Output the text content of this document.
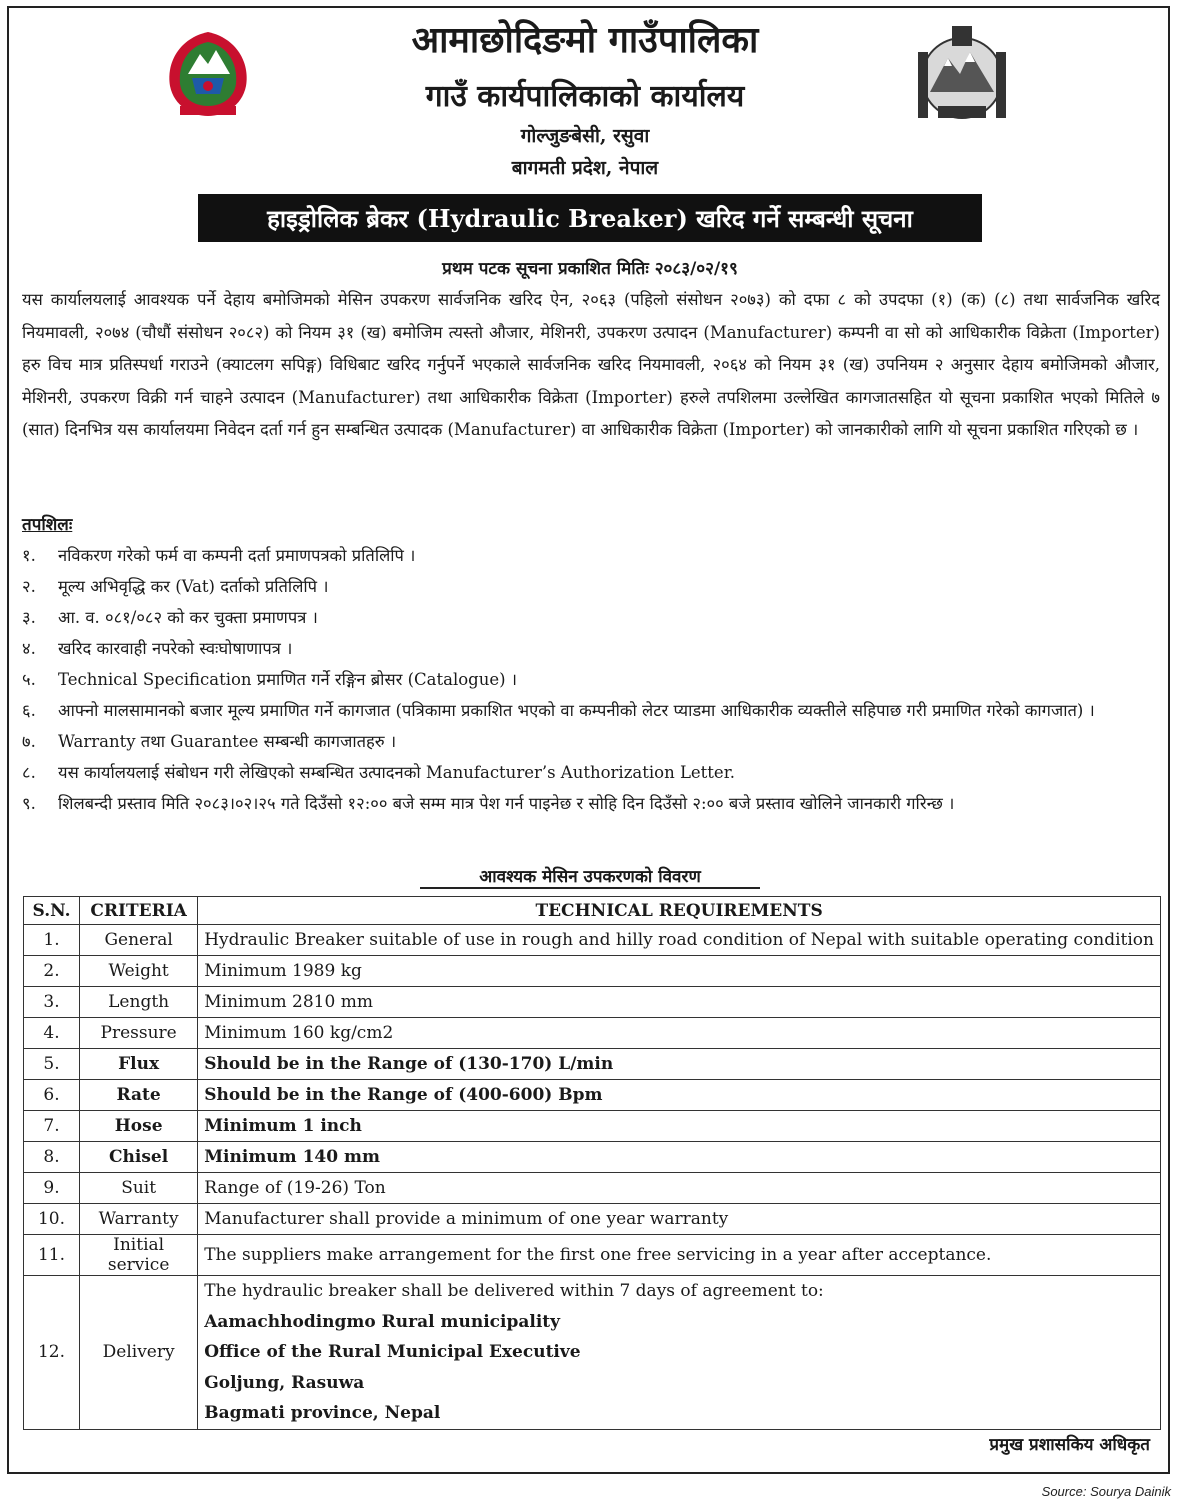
आमाछोदिङमो गाउँपालिका
गाउँ कार्यपालिकाको कार्यालय
गोल्जुङबेसी, रसुवा
बागमती प्रदेश, नेपाल
हाइड्रोलिक ब्रेकर (Hydraulic Breaker) खरिद गर्ने सम्बन्धी सूचना
प्रथम पटक सूचना प्रकाशित मितिः २०८३/०२/१९
यस कार्यालयलाई आवश्यक पर्ने देहाय बमोजिमको मेसिन उपकरण सार्वजनिक खरिद ऐन, २०६३ (पहिलो संसोधन २०७३) को दफा ८ को उपदफा (१) (क) (८) तथा सार्वजनिक खरिद नियमावली, २०७४ (चौधौं संसोधन २०८२) को नियम ३१ (ख) बमोजिम त्यस्तो औजार, मेशिनरी, उपकरण उत्पादन (Manufacturer) कम्पनी वा सो को आधिकारीक विक्रेता (Importer) हरु विच मात्र प्रतिस्पर्धा गराउने (क्याटलग सपिङ्ग) विधिबाट खरिद गर्नुपर्ने भएकाले सार्वजनिक खरिद नियमावली, २०६४ को नियम ३१ (ख) उपनियम २ अनुसार देहाय बमोजिमको औजार, मेशिनरी, उपकरण विक्री गर्न चाहने उत्पादन (Manufacturer) तथा आधिकारीक विक्रेता (Importer) हरुले तपशिलमा उल्लेखित कागजातसहित यो सूचना प्रकाशित भएको मितिले ७ (सात) दिनभित्र यस कार्यालयमा निवेदन दर्ता गर्न हुन सम्बन्धित उत्पादक (Manufacturer) वा आधिकारीक विक्रेता (Importer) को जानकारीको लागि यो सूचना प्रकाशित गरिएको छ ।
तपशिलः
१.	नविकरण गरेको फर्म वा कम्पनी दर्ता प्रमाणपत्रको प्रतिलिपि ।
२.	मूल्य अभिवृद्धि कर (Vat) दर्ताको प्रतिलिपि ।
३.	आ. व. ०८१/०८२ को कर चुक्ता प्रमाणपत्र ।
४.	खरिद कारवाही नपरेको स्वःघोषाणापत्र ।
५.	Technical Specification प्रमाणित गर्ने रङ्गिन ब्रोसर (Catalogue) ।
६.	आफ्नो मालसामानको बजार मूल्य प्रमाणित गर्ने कागजात (पत्रिकामा प्रकाशित भएको वा कम्पनीको लेटर प्याडमा आधिकारीक व्यक्तीले सहिपाछ गरी प्रमाणित गरेको कागजात) ।
७.	Warranty तथा Guarantee सम्बन्धी कागजातहरु ।
८.	यस कार्यालयलाई संबोधन गरी लेखिएको सम्बन्धित उत्पादनको Manufacturer’s Authorization Letter.
९.	शिलबन्दी प्रस्ताव मिति २०८३।०२।२५ गते दिउँसो १२:०० बजे सम्म मात्र पेश गर्न पाइनेछ र सोहि दिन दिउँसो २:०० बजे प्रस्ताव खोलिने जानकारी गरिन्छ ।
आवश्यक मेसिन उपकरणको विवरण
S.N.	CRITERIA	TECHNICAL REQUIREMENTS
1.	General	Hydraulic Breaker suitable of use in rough and hilly road condition of Nepal with suitable operating condition
2.	Weight	Minimum 1989 kg
3.	Length	Minimum 2810 mm
4.	Pressure	Minimum 160 kg/cm2
5.	Flux	Should be in the Range of (130-170) L/min
6.	Rate	Should be in the Range of (400-600) Bpm
7.	Hose	Minimum 1 inch
8.	Chisel	Minimum 140 mm
9.	Suit	Range of (19-26) Ton
10.	Warranty	Manufacturer shall provide a minimum of one year warranty
11.	Initial service	The suppliers make arrangement for the first one free servicing in a year after acceptance.
12.	Delivery	The hydraulic breaker shall be delivered within 7 days of agreement to:
Aamachhodingmo Rural municipality
Office of the Rural Municipal Executive
Goljung, Rasuwa
Bagmati province, Nepal
प्रमुख प्रशासकिय अधिकृत
Source: Sourya Dainik
